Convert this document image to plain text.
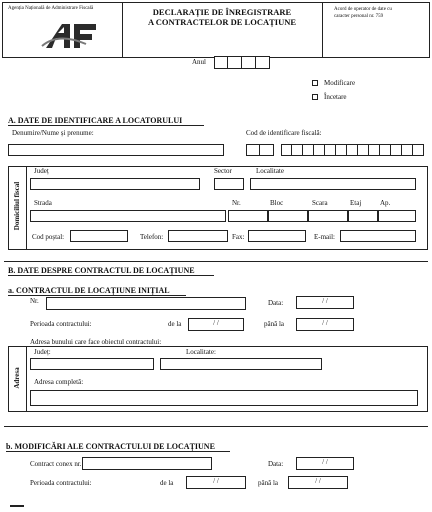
Agenția Națională de Administrare Fiscală	DECLARAȚIE DE ÎNREGISTRARE
A CONTRACTELOR DE LOCAȚIUNE
Acord de operator de date cu
caracter personal nr. 759
Anul
Modificare
Încetare
A. DATE DE IDENTIFICARE A LOCATORULUI
Denumire/Nume și prenume:	Cod de identificare fiscală:
Domiciliul fiscal
Județ	Sector	Localitate
Strada	Nr.	Bloc	Scara	Etaj	Ap.
Cod poștal:	Telefon:	Fax:	E-mail:
B. DATE DESPRE CONTRACTUL DE LOCAȚIUNE
a. CONTRACTUL DE LOCAȚIUNE INIȚIAL
Nr.	Data:	/ /
Perioada contractului:	de la	/ /	până la	/ /
Adresa bunului care face obiectul contractului:
Adresa
Județ:	Localitate:
Adresa completă:
b. MODIFICĂRI ALE CONTRACTULUI DE LOCAȚIUNE
Contract conex nr.	Data:	/ /
Perioada contractului:	de la	/ /	până la	/ /
